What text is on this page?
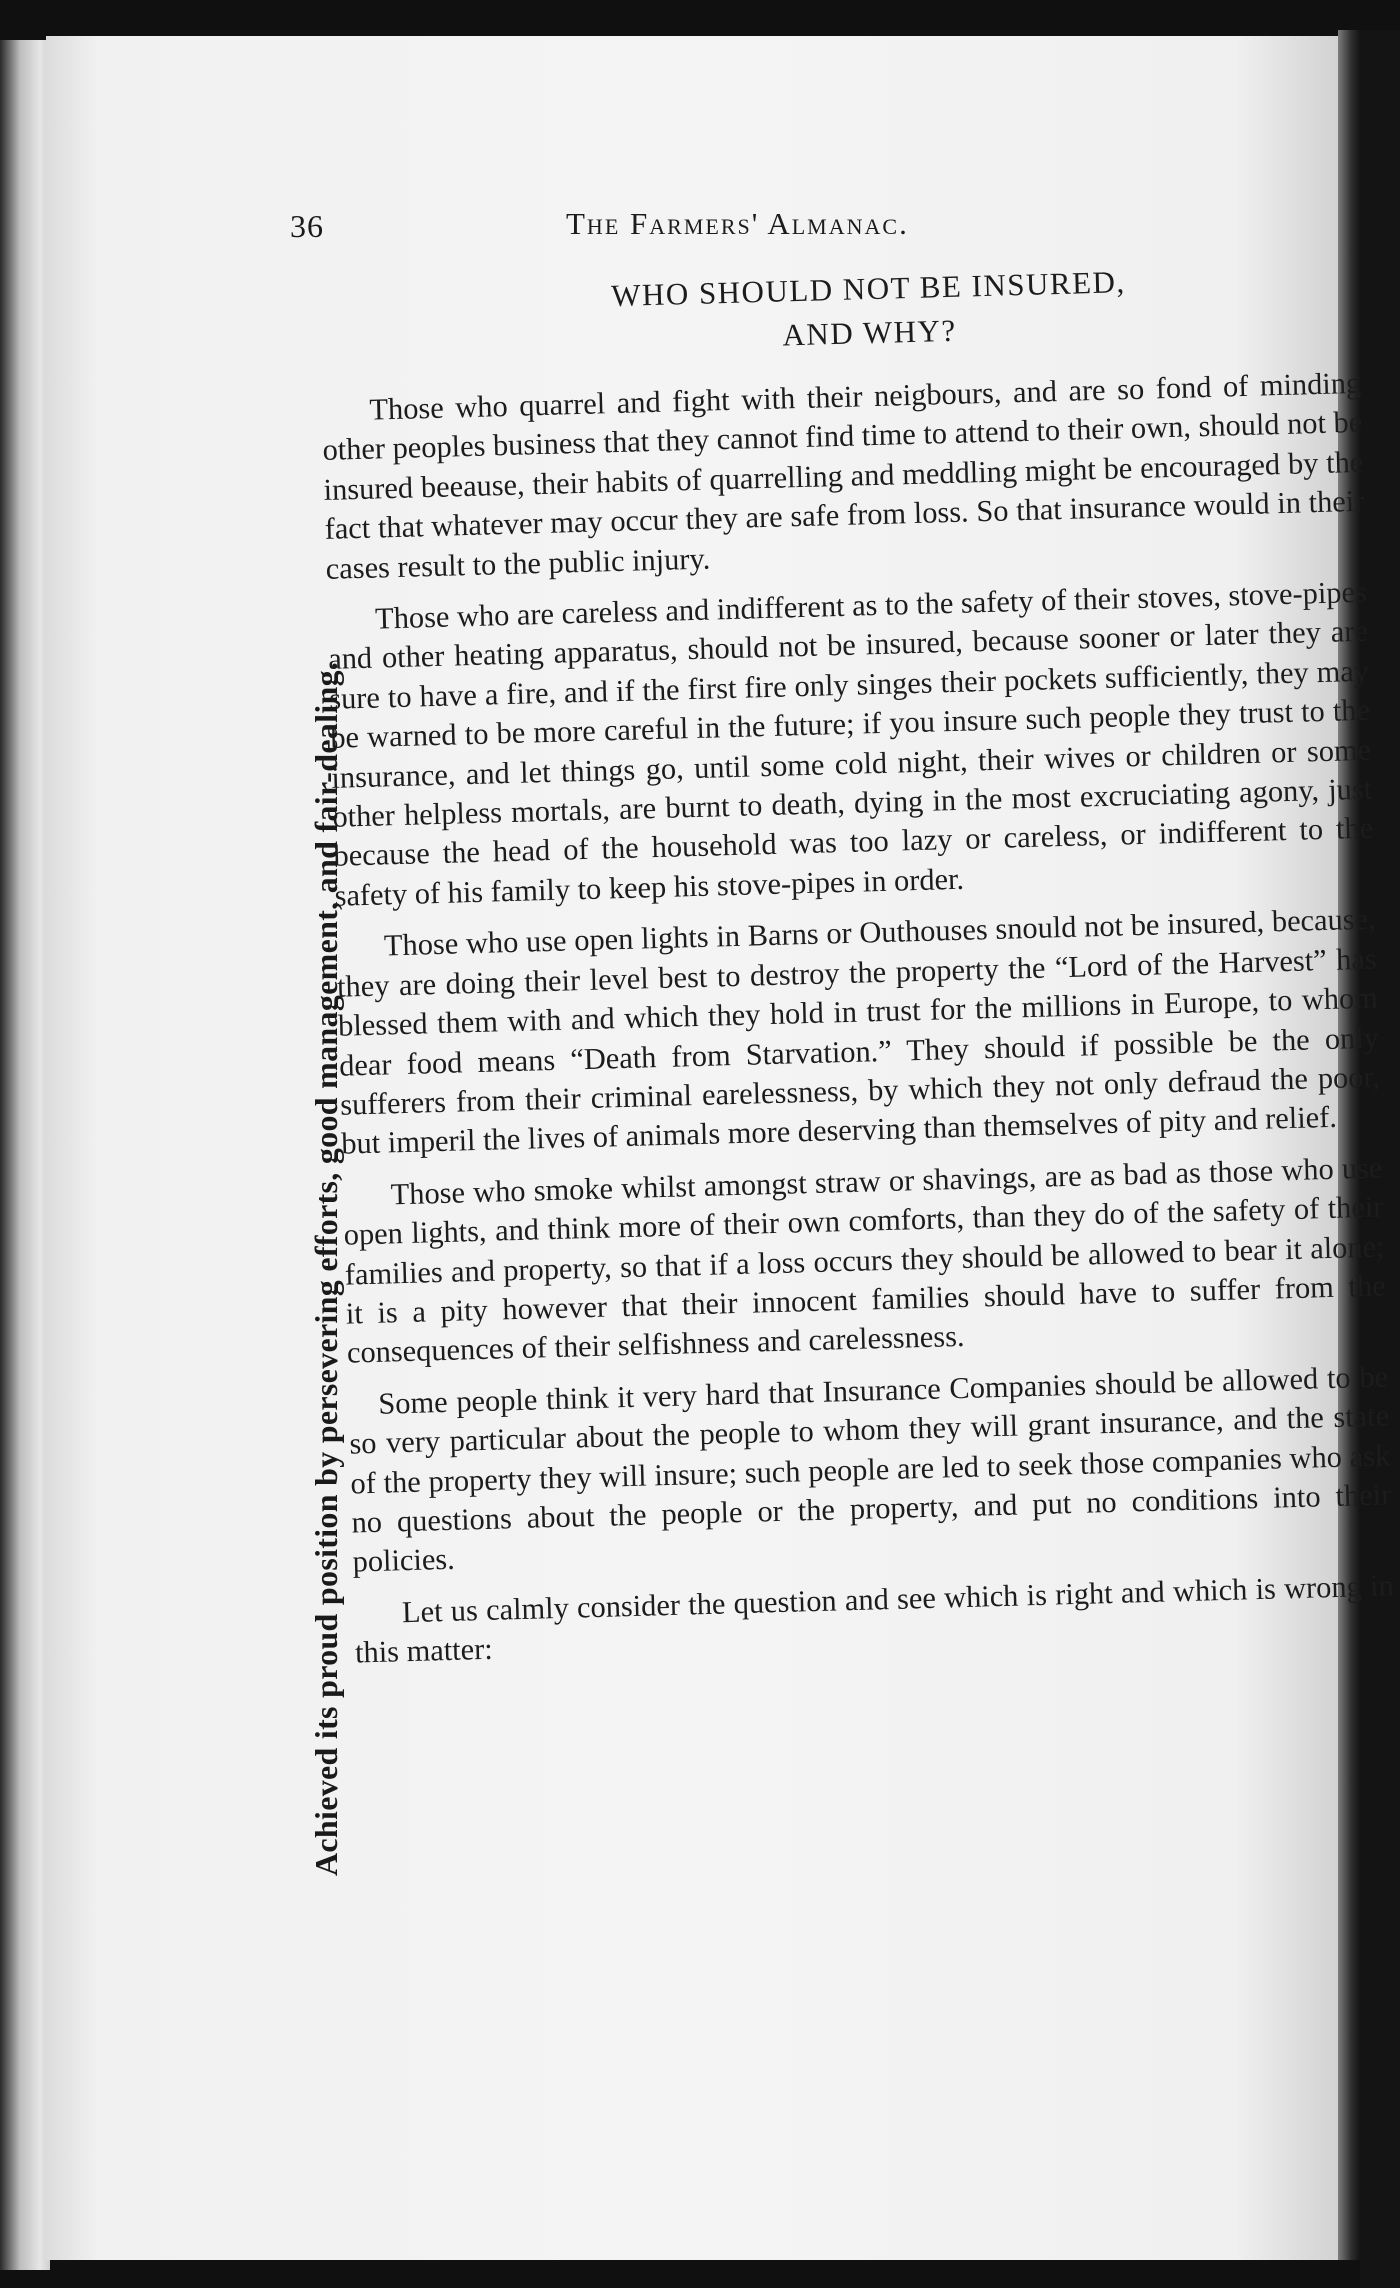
36	The Farmers' Almanac.
Achieved its proud position by persevering efforts, good management, and fair-dealing.

WHO SHOULD NOT BE INSURED,

AND WHY?

Those who quarrel and fight with their neigbours, and are so fond of minding other peoples business that they cannot find time to attend to their own, should not be insured beeause, their habits of quarrelling and meddling might be encouraged by the fact that whatever may occur they are safe from loss. So that insurance would in their cases result to the public injury.

Those who are careless and indifferent as to the safety of their stoves, stove-pipes and other heating apparatus, should not be insured, because sooner or later they are sure to have a fire, and if the first fire only singes their pockets sufficiently, they may be warned to be more careful in the future; if you insure such people they trust to the insurance, and let things go, until some cold night, their wives or children or some other helpless mortals, are burnt to death, dying in the most excruciating agony, just because the head of the household was too lazy or careless, or indifferent to the safety of his family to keep his stove-pipes in order.

Those who use open lights in Barns or Outhouses snould not be insured, because, they are doing their level best to destroy the property the “Lord of the Harvest” has blessed them with and which they hold in trust for the millions in Europe, to whom dear food means “Death from Starvation.” They should if possible be the only sufferers from their criminal earelessness, by which they not only defraud the poor, but imperil the lives of animals more deserving than themselves of pity and relief.

Those who smoke whilst amongst straw or shavings, are as bad as those who use open lights, and think more of their own comforts, than they do of the safety of their families and property, so that if a loss occurs they should be allowed to bear it alone; it is a pity however that their innocent families should have to suffer from the consequences of their selfishness and carelessness.

Some people think it very hard that Insurance Companies should be allowed to be so very particular about the people to whom they will grant insurance, and the state of the property they will insure; such people are led to seek those companies who ask no questions about the people or the property, and put no conditions into their policies.

Let us calmly consider the question and see which is right and which is wrong in this matter:
